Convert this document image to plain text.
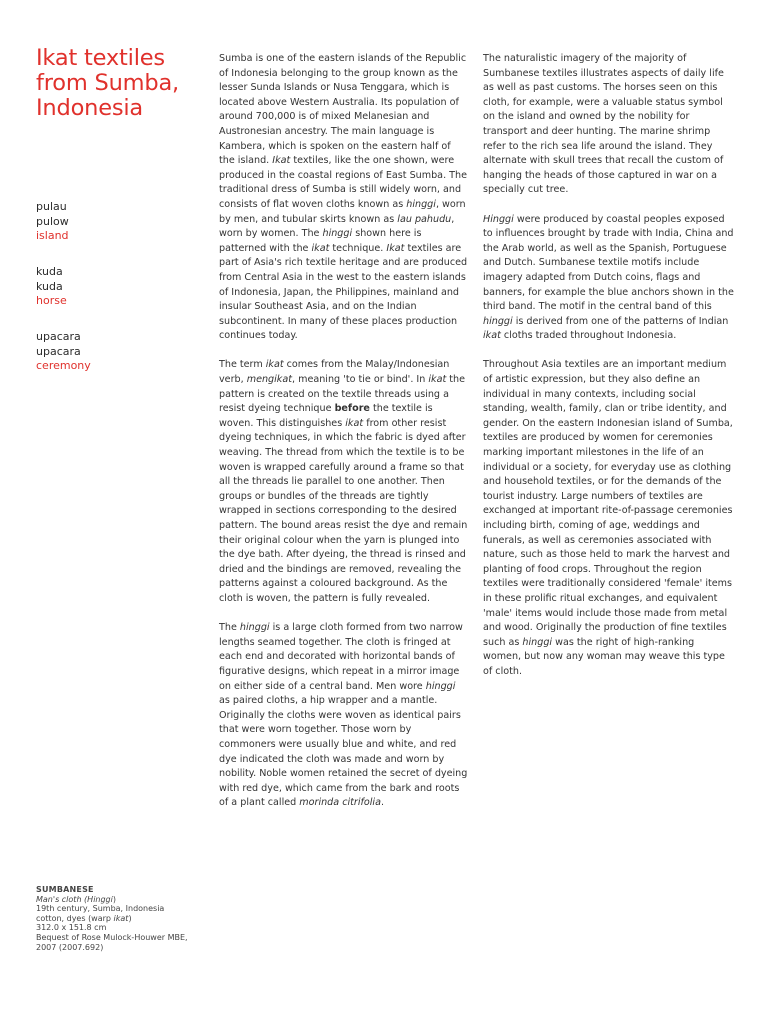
Ikat textiles from Sumba, Indonesia
pulau
pulow
island
kuda
kuda
horse
upacara
upacara
ceremony

Sumba is one of the eastern islands of the Republic of Indonesia belonging to the group known as the lesser Sunda Islands or Nusa Tenggara, which is located above Western Australia. Its population of around 700,000 is of mixed Melanesian and Austronesian ancestry. The main language is Kambera, which is spoken on the eastern half of the island. Ikat textiles, like the one shown, were produced in the coastal regions of East Sumba. The traditional dress of Sumba is still widely worn, and consists of flat woven cloths known as hinggi, worn by men, and tubular skirts known as lau pahudu, worn by women. The hinggi shown here is patterned with the ikat technique. Ikat textiles are part of Asia's rich textile heritage and are produced from Central Asia in the west to the eastern islands of Indonesia, Japan, the Philippines, mainland and insular Southeast Asia, and on the Indian subcontinent. In many of these places production continues today.

The term ikat comes from the Malay/Indonesian verb, mengikat, meaning 'to tie or bind'. In ikat the pattern is created on the textile threads using a resist dyeing technique before the textile is woven. This distinguishes ikat from other resist dyeing techniques, in which the fabric is dyed after weaving. The thread from which the textile is to be woven is wrapped carefully around a frame so that all the threads lie parallel to one another. Then groups or bundles of the threads are tightly wrapped in sections corresponding to the desired pattern. The bound areas resist the dye and remain their original colour when the yarn is plunged into the dye bath. After dyeing, the thread is rinsed and dried and the bindings are removed, revealing the patterns against a coloured background. As the cloth is woven, the pattern is fully revealed.

The hinggi is a large cloth formed from two narrow lengths seamed together. The cloth is fringed at each end and decorated with horizontal bands of figurative designs, which repeat in a mirror image on either side of a central band. Men wore hinggi as paired cloths, a hip wrapper and a mantle. Originally the cloths were woven as identical pairs that were worn together. Those worn by commoners were usually blue and white, and red dye indicated the cloth was made and worn by nobility. Noble women retained the secret of dyeing with red dye, which came from the bark and roots of a plant called morinda citrifolia.

The naturalistic imagery of the majority of Sumbanese textiles illustrates aspects of daily life as well as past customs. The horses seen on this cloth, for example, were a valuable status symbol on the island and owned by the nobility for transport and deer hunting. The marine shrimp refer to the rich sea life around the island. They alternate with skull trees that recall the custom of hanging the heads of those captured in war on a specially cut tree.

Hinggi were produced by coastal peoples exposed to influences brought by trade with India, China and the Arab world, as well as the Spanish, Portuguese and Dutch. Sumbanese textile motifs include imagery adapted from Dutch coins, flags and banners, for example the blue anchors shown in the third band. The motif in the central band of this hinggi is derived from one of the patterns of Indian ikat cloths traded throughout Indonesia.

Throughout Asia textiles are an important medium of artistic expression, but they also define an individual in many contexts, including social standing, wealth, family, clan or tribe identity, and gender. On the eastern Indonesian island of Sumba, textiles are produced by women for ceremonies marking important milestones in the life of an individual or a society, for everyday use as clothing and household textiles, or for the demands of the tourist industry. Large numbers of textiles are exchanged at important rite-of-passage ceremonies including birth, coming of age, weddings and funerals, as well as ceremonies associated with nature, such as those held to mark the harvest and planting of food crops. Throughout the region textiles were traditionally considered 'female' items in these prolific ritual exchanges, and equivalent 'male' items would include those made from metal and wood. Originally the production of fine textiles such as hinggi was the right of high-ranking women, but now any woman may weave this type of cloth.

SUMBANESE
Man's cloth (Hinggi)
19th century, Sumba, Indonesia
cotton, dyes (warp ikat)
312.0 x 151.8 cm
Bequest of Rose Mulock-Houwer MBE,
2007 (2007.692)
